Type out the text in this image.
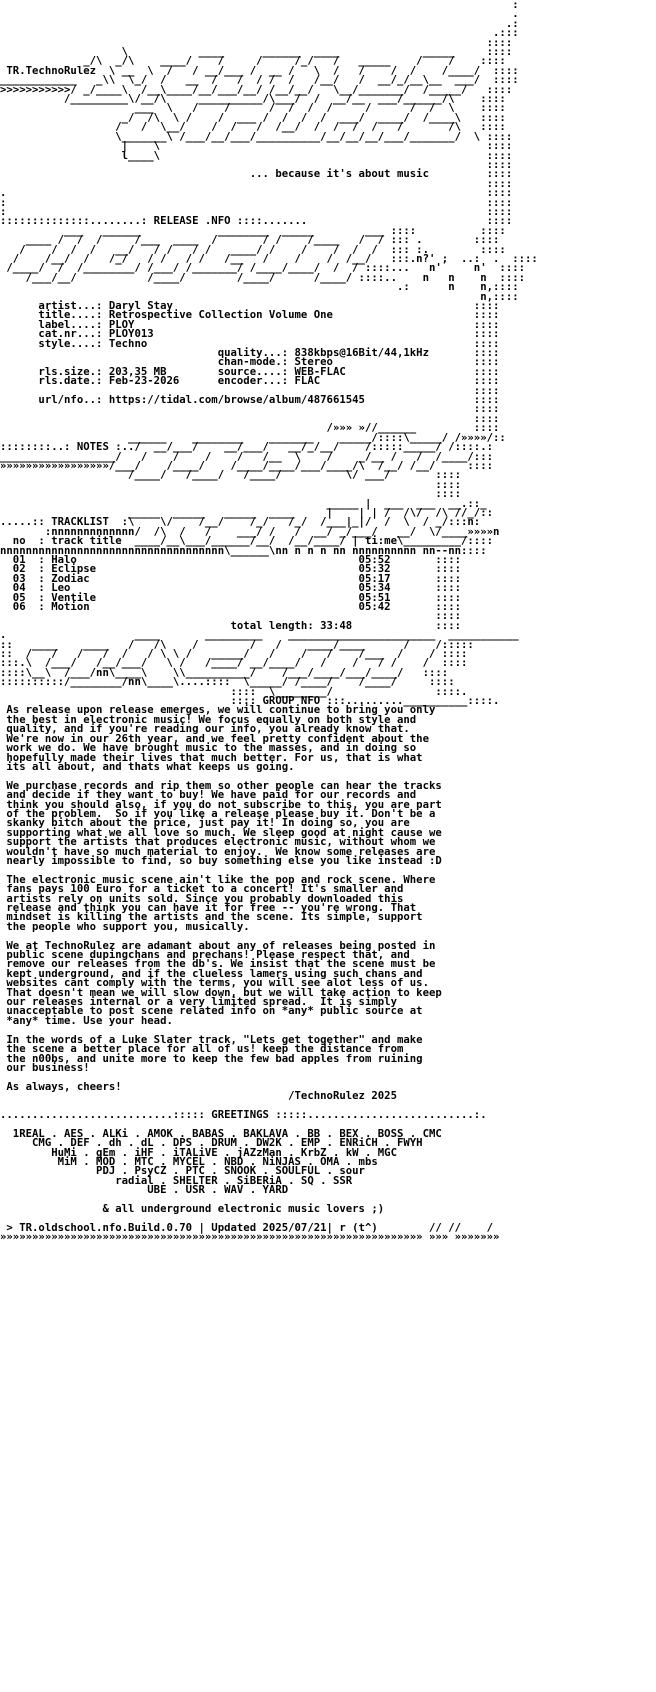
:
.
.:
.:::
::::
\           ____      ______  ____             _____     ::::
_/\  _/\    ____/    /     /     /_/   /   _____    /    /    ::::
TR.TechnoRulez  \ __  \  /   / __/___ /  __ /   \  /   /    /  /    /____/  ::::
____________   _\\  \_/  /   __  /   /  / /  /   /__/   /  __/_/__\__  ___/  ::::
>>>>>>>>>>>/ _/____\  /__\____/__/___/__/ /__/__/   \__/_______/  /_____/   ::::
/_________\/__/\     __________/\___/  /  __/__  ___/______/\    ::::
___  \   /    /      /  /  /  /     /      /  /  \    ::::
_/  /\  \ /    /  ___ /  /  /  /  ___/  ____/  /____\   ::::
/   /  \__/    /  /   /  /__/  /  /  /  /   /       /\   ::::
\_______\ /___/__/___/__________/__/__/__/___/_______/  \ ::::
|    \                                                   ::::
l____\                                                   ::::
::::
... because it's about music         ::::
::::
.                                                                           ::::
:                                                                           ::::
:                                                                           ::::
::::::::::::::........: RELEASE .NFO ::::.......                            ::::
___   ______            ________  _____        ___ ::::          ::::
____ /  /  /     /___  ____  /       / /    /____   /  / ::: .        ::::
/    /  /  /   __/   / /   / /   ____/ /    /    /  /  /  ::: :.        ::::
/    /__/  /   /_/   / /   / /   /__   /    /    /  /__/   :::.n?' ;  ..:  .  ::::
/____/  /  /________/ /___/ /_______/ /____/____/  /  / ::::...   n'     n'  ::::
/___/__/           /____/        /____/      /____/ ::::..    n   n    n  ::::
.:      n    n,::::
n,::::
artist...: Daryl Stay                                               ::::
title....: Retrospective Collection Volume One                      ::::
label....: PLOY                                                     ::::
cat.nr...: PLOY013                                                  ::::
style....: Techno                                                   ::::
quality...: 838kbps@16Bit/44,1kHz       ::::
chan-mode.: Stereo                      ::::
rls.size.: 203,35 MB        source....: WEB-FLAC                    ::::
rls.date.: Feb-23-2026      encoder...: FLAC                        ::::
::::
url/nfo..: https://tidal.com/browse/album/487661545                 ::::
::::
::::
/»»» »//______         ::::
______    ________    _______    _____/::::\_____/ /»»»»/::
::::::::..: NOTES :../  __/___/    __/___/   __/_/__/    /:::::_____/ /::::.:
__________________/   /    /    /    /   /__  \    /    _/__ /   /  /____/:::
»»»»»»»»»»»»»»»»»/___/    /____/    /____/____/___/____/\  /__/ /__/     ::::
/____/   /____/   /____/          \/ ___/       ::::
::::
::::
_____ |  ___  ___  __.::_
_____  _____   _____  ____     |    | | /  /\/  /\ //_/::
.....:: TRACKLIST  :\    \/    /__/    /_/   /_/  /___|_|/  /  \  / _/:::n:
:nnnnnnnnnnnnn/  /\  /   /    ___/ /   /  __/ _/___/   __/  \/____»»»»n
no  : track title  ____/__\___/______/__/  /__/____/ | ti:me\_________/::::
nnnnnnnnnnnnnnnnnnnnnnnnnnnnnnnnnnn\______\nn n n n nn nnnnnnnnnn nn--nn::::
01  : Halo                                            05:52       ::::
02  : Eclipse                                         05:32       ::::
03  : Zodiac                                          05:17       ::::
04  : Leo                                             05:34       ::::
05  : Ventile                                         05:51       ::::
06  : Motion                                          05:42       ::::
::::
total length: 33:48             ::::
.                    ____       _________    _______________________  ___________
::   ____    ____   /   /\    /        /   /    ____/____      /    /:::::
::  /   /   /   /  /   / \ \ /   _____/   /    /   /    /___  /    / ::::
:::.\  /___/   /__/___/   \ /   /____/ __/____/   /    /   / /    /  ::::
::::\__\  /___/nn\____\    \\__________/    /___/____/___/____/   ::::
::::::::::/________/nn\____\....::::  \_____/ /____/    /____/     ::::
::::  \________/                ::::.
:::: GROUP NFO :::.........__________::::.
As release upon release emerges, we will continue to bring you only
the best in electronic music! We focus equally on both style and
quality, and if you're reading our info, you already know that.
We're now in our 26th year, and we feel pretty confident about the
work we do. We have brought music to the masses, and in doing so
hopefully made their lives that much better. For us, that is what
its all about, and thats what keeps us going.

We purchase records and rip them so other people can hear the tracks
and decide if they want to buy! We have paid for our records and
think you should also, if you do not subscribe to this, you are part
of the problem.  So if you like a release please buy it. Don't be a
skanky bitch about the price, just pay it! In doing so, you are
supporting what we all love so much. We sleep good at night cause we
support the artists that produces electronic music, without whom we
wouldn't have so much material to enjoy.  We know some releases are
nearly impossible to find, so buy something else you like instead :D

The electronic music scene ain't like the pop and rock scene. Where
fans pays 100 Euro for a ticket to a concert! It's smaller and
artists rely on units sold. Since you probably downloaded this
release and think you can have it for free -- you're wrong. That
mindset is killing the artists and the scene. Its simple, support
the people who support you, musically.

We at TechnoRulez are adamant about any of releases being posted in
public scene dupingchans and prechans! Please respect that, and
remove our releases from the db's. We insist that the scene must be
kept underground, and if the clueless lamers using such chans and
websites cant comply with the terms, you will see alot less of us.
That doesn't mean we will slow down, but we will take action to keep
our releases internal or a very limited spread.  It is simply
unacceptable to post scene related info on *any* public source at
*any* time. Use your head.

In the words of a Luke Slater track, "Lets get together" and make
the scene a better place for all of us! keep the distance from
the n00bs, and unite more to keep the few bad apples from ruining
our business!

As always, cheers!
/TechnoRulez 2025

...........................::::: GREETINGS :::::..........................:.

1REAL . AES . ALKi . AMOK . BABAS . BAKLAVA . BB . BEX . BOSS . CMC
CMG . DEF . dh . dL . DPS . DRUM . DW2K . EMP . ENRiCH . FWYH
HuMi . gEm . iHF . iTALiVE . jAZzMan . KrbZ . kW . MGC
MiM . MOD . MTC . MYCEL . NBD . NiNJAS . OMA . mbs
PDJ . PsyCZ . PTC . SNOOK . SOULFUL . sour
radial . SHELTER . SiBERiA . SQ . SSR
UBE . USR . WAV . YARD

& all underground electronic music lovers ;)

> TR.oldschool.nfo.Build.0.70 | Updated 2025/07/21| r (t^)        // //    /
»»»»»»»»»»»»»»»»»»»»»»»»»»»»»»»»»»»»»»»»»»»»»»»»»»»»»»»»»»»»»»»»»» »»» »»»»»»»
